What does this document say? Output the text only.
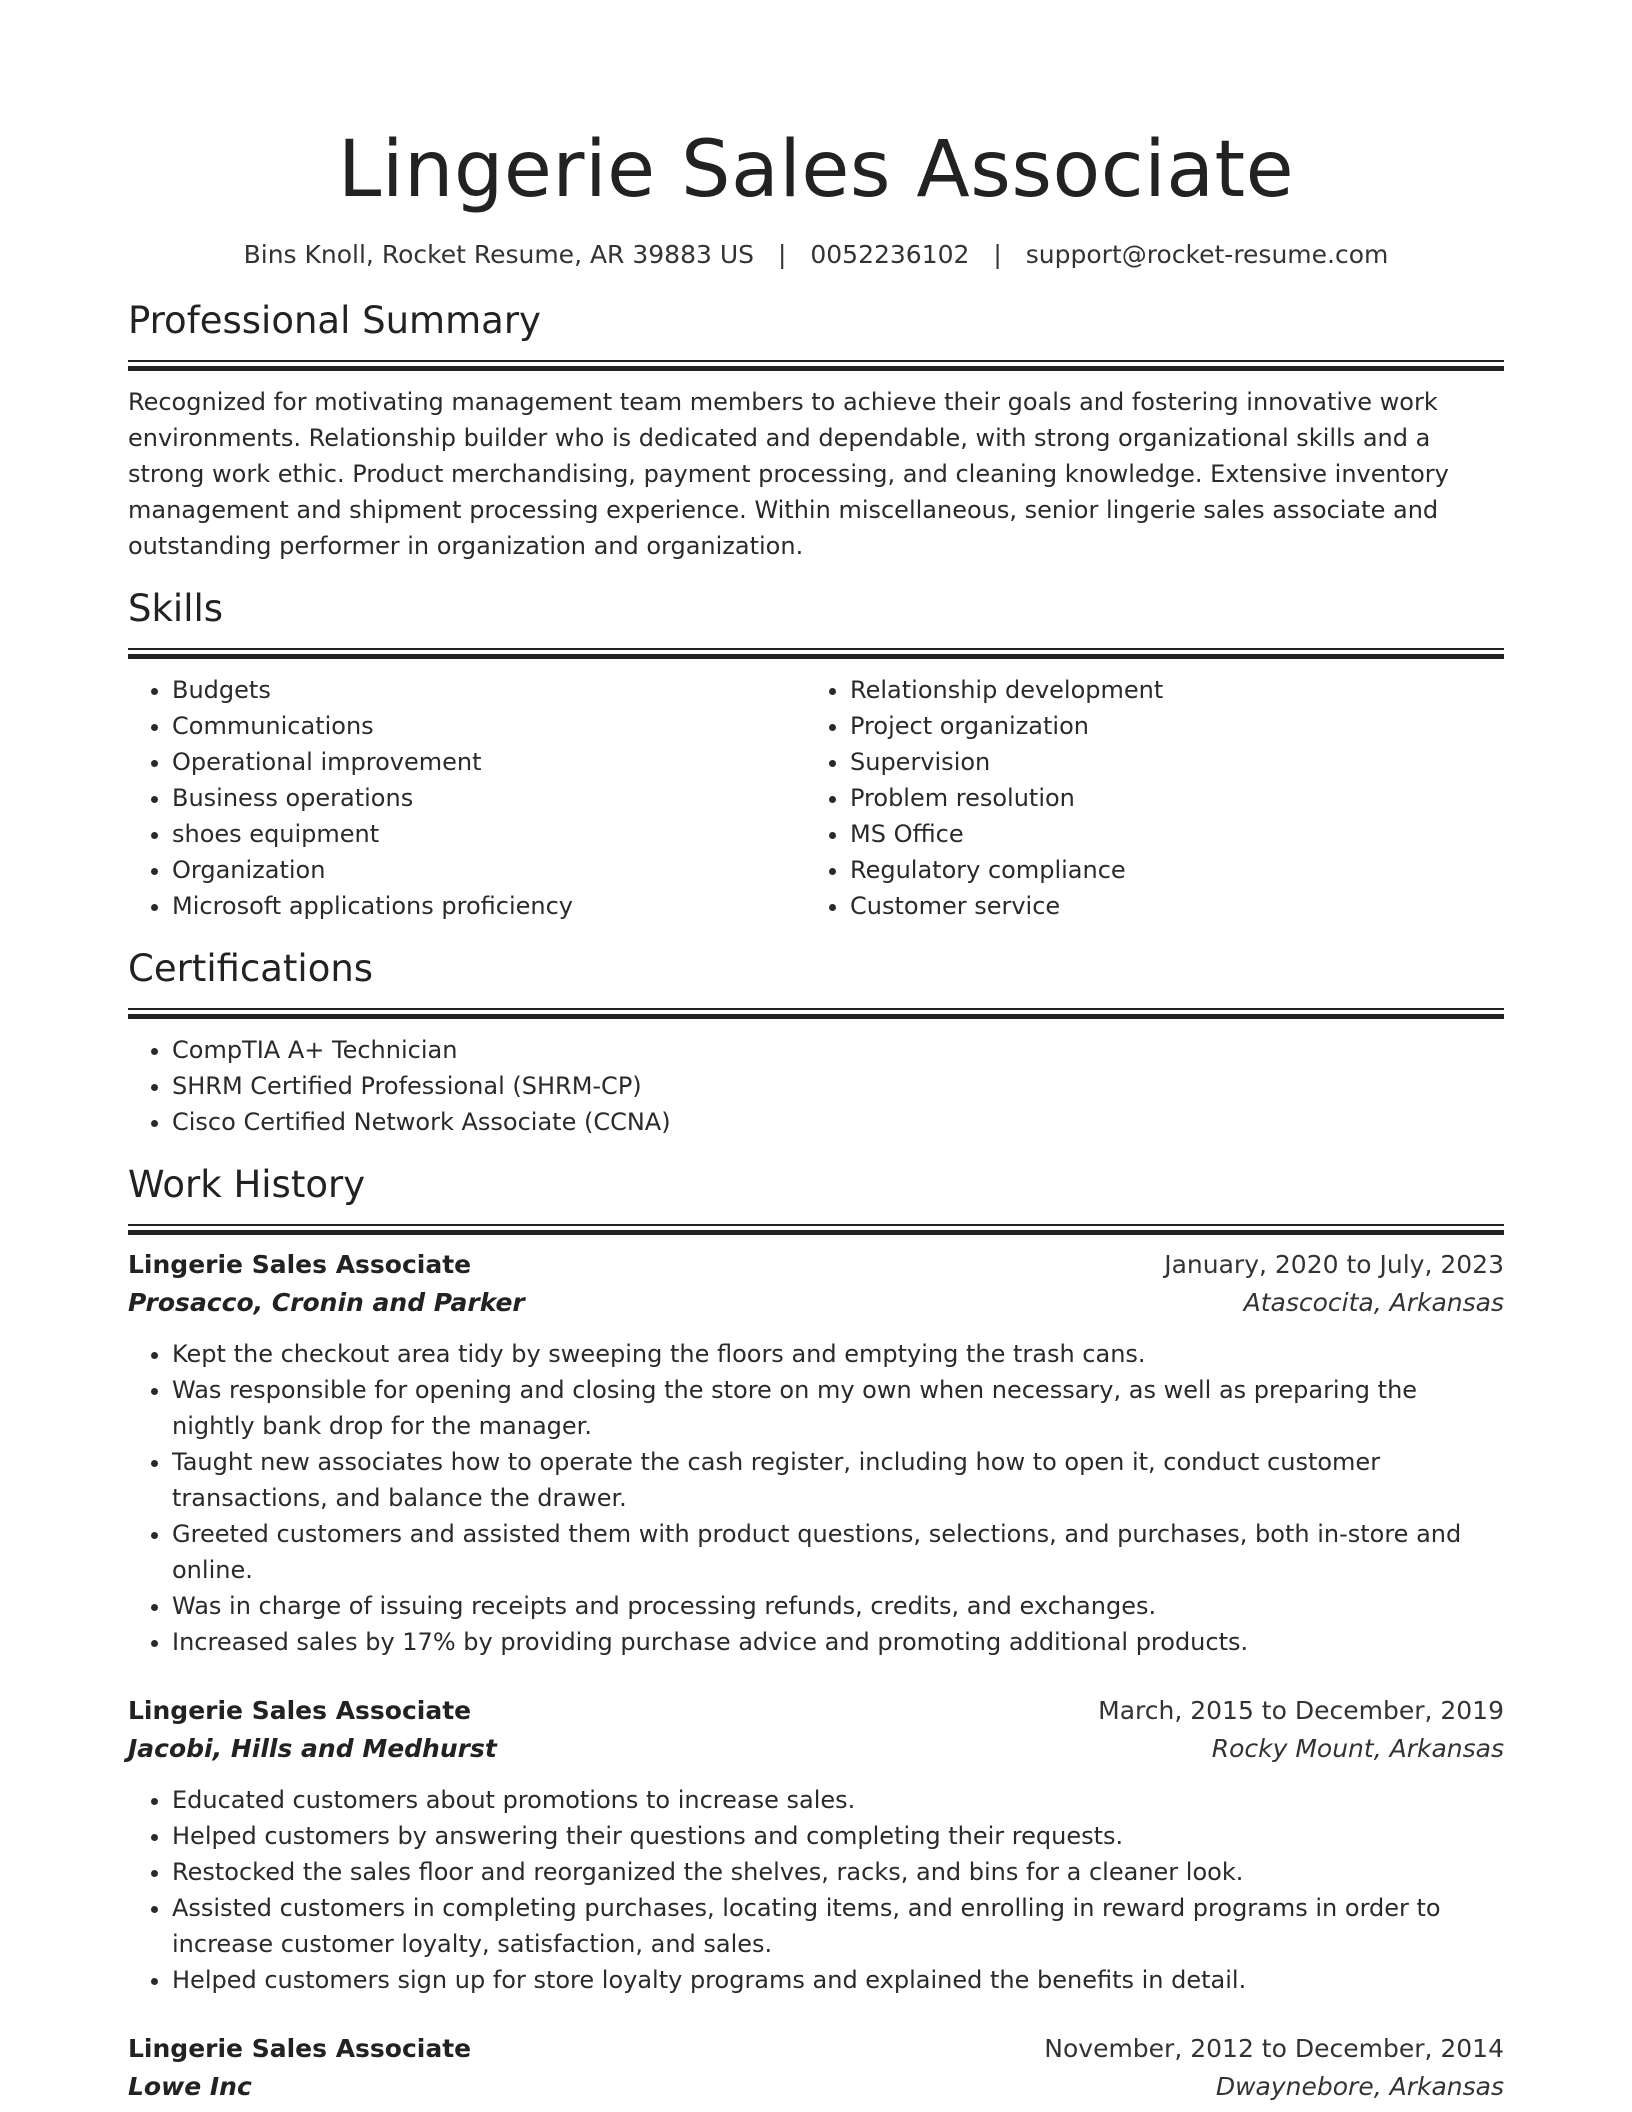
Lingerie Sales Associate
Bins Knoll, Rocket Resume, AR 39883 US | 0052236102 | support@rocket-resume.com
Professional Summary

Recognized for motivating management team members to achieve their goals and fostering innovative work environments. Relationship builder who is dedicated and dependable, with strong organizational skills and a strong work ethic. Product merchandising, payment processing, and cleaning knowledge. Extensive inventory management and shipment processing experience. Within miscellaneous, senior lingerie sales associate and outstanding performer in organization and organization.

Skills
• Budgets
• Communications
• Operational improvement
• Business operations
• shoes equipment
• Organization
• Microsoft applications proficiency
• Relationship development
• Project organization
• Supervision
• Problem resolution
• MS Office
• Regulatory compliance
• Customer service
Certifications
• CompTIA A+ Technician
• SHRM Certified Professional (SHRM-CP)
• Cisco Certified Network Associate (CCNA)
Work History
Lingerie Sales Associate	January, 2020 to July, 2023
Prosacco, Cronin and Parker	Atascocita, Arkansas
• Kept the checkout area tidy by sweeping the floors and emptying the trash cans.
• Was responsible for opening and closing the store on my own when necessary, as well as preparing the nightly bank drop for the manager.
• Taught new associates how to operate the cash register, including how to open it, conduct customer transactions, and balance the drawer.
• Greeted customers and assisted them with product questions, selections, and purchases, both in-store and online.
• Was in charge of issuing receipts and processing refunds, credits, and exchanges.
• Increased sales by 17% by providing purchase advice and promoting additional products.
Lingerie Sales Associate	March, 2015 to December, 2019
Jacobi, Hills and Medhurst	Rocky Mount, Arkansas
• Educated customers about promotions to increase sales.
• Helped customers by answering their questions and completing their requests.
• Restocked the sales floor and reorganized the shelves, racks, and bins for a cleaner look.
• Assisted customers in completing purchases, locating items, and enrolling in reward programs in order to increase customer loyalty, satisfaction, and sales.
• Helped customers sign up for store loyalty programs and explained the benefits in detail.
Lingerie Sales Associate	November, 2012 to December, 2014
Lowe Inc	Dwaynebore, Arkansas
